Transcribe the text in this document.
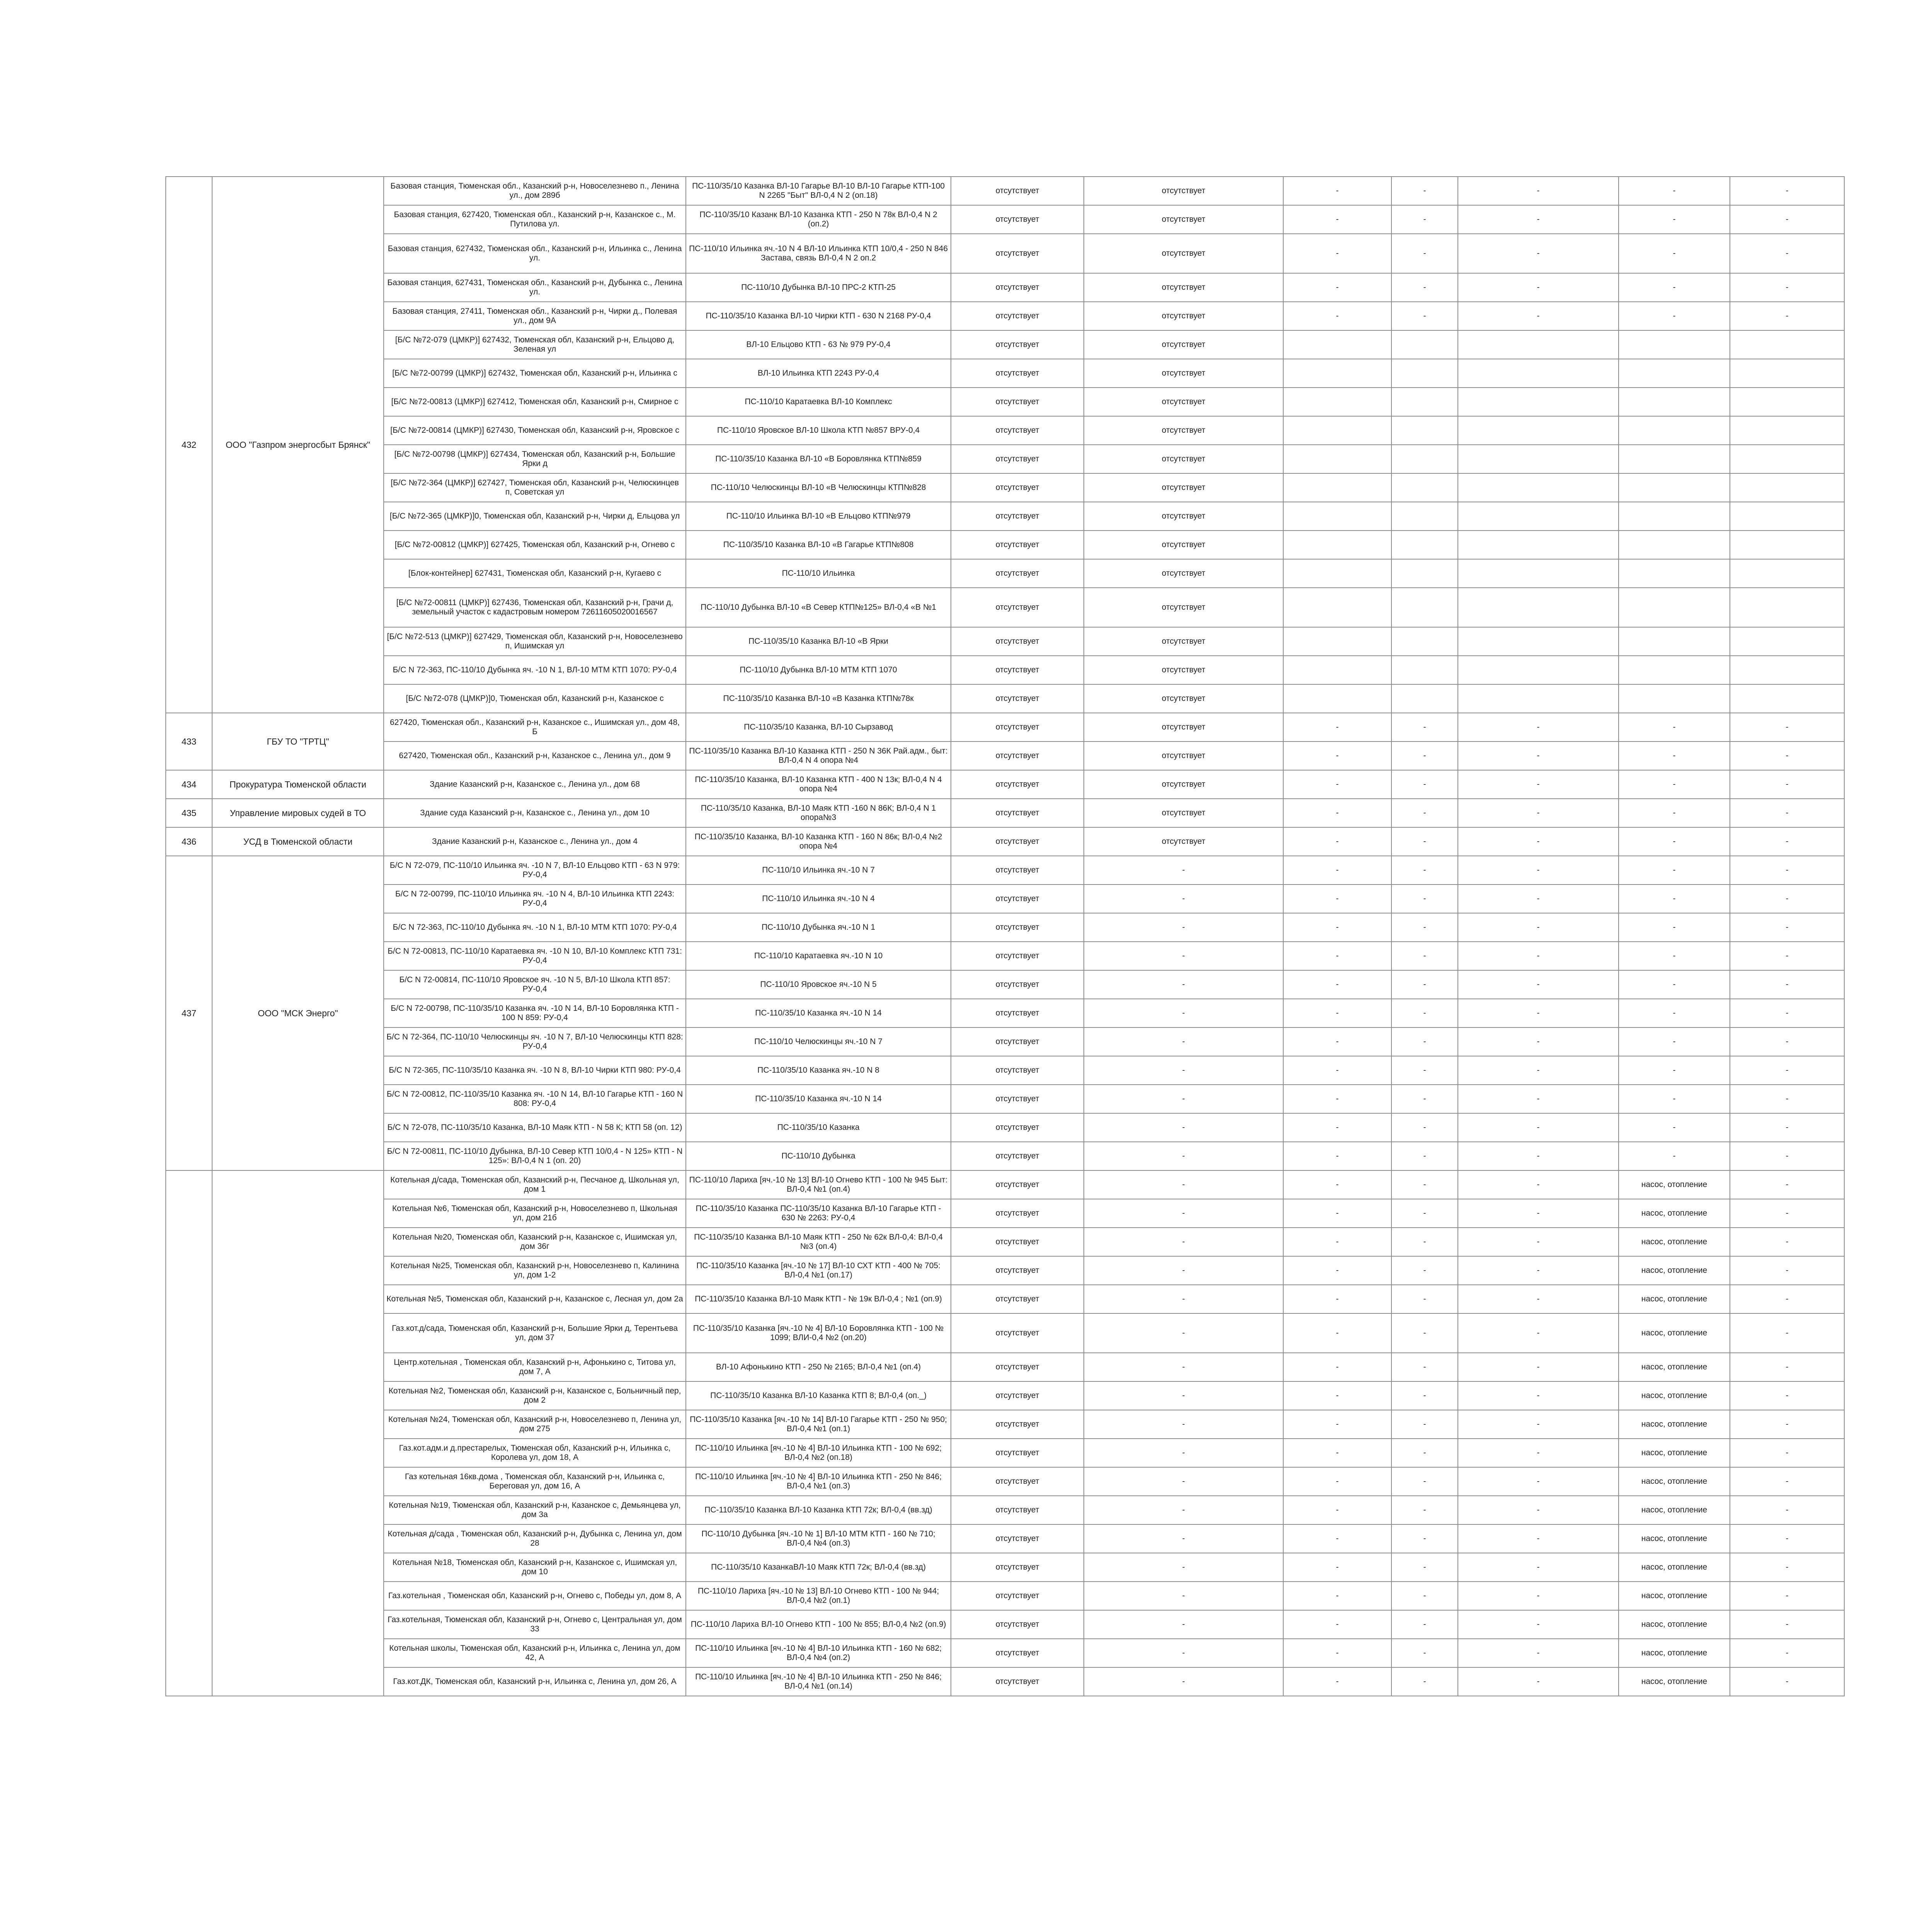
432	ООО "Газпром энергосбыт Брянск"	Базовая станция, Тюменская обл., Казанский р-н, Новоселезнево п., Ленина ул., дом 289б	ПС-110/35/10 Казанка ВЛ-10 Гагарье ВЛ-10 ВЛ-10 Гагарье КТП-100 N 2265 "Быт" ВЛ-0,4 N 2 (оп.18)	отсутствует	отсутствует	-	-	-	-	-
		Базовая станция, 627420, Тюменская обл., Казанский р-н, Казанское с., М. Путилова ул.	ПС-110/35/10 Казанк ВЛ-10 Казанка КТП - 250 N 78к ВЛ-0,4 N 2 (оп.2)	отсутствует	отсутствует	-	-	-	-	-
		Базовая станция, 627432, Тюменская обл., Казанский р-н, Ильинка с., Ленина ул.	ПС-110/10 Ильинка яч.-10 N 4 ВЛ-10 Ильинка КТП 10/0,4 - 250 N 846 Застава, связь ВЛ-0,4 N 2 оп.2	отсутствует	отсутствует	-	-	-	-	-
		Базовая станция, 627431, Тюменская обл., Казанский р-н, Дубынка с., Ленина ул.	ПС-110/10 Дубынка ВЛ-10 ПРС-2 КТП-25	отсутствует	отсутствует	-	-	-	-	-
		Базовая станция, 27411, Тюменская обл., Казанский р-н, Чирки д., Полевая ул., дом 9А	ПС-110/35/10 Казанка ВЛ-10 Чирки КТП - 630 N 2168 РУ-0,4	отсутствует	отсутствует	-	-	-	-	-
		[Б/С №72-079 (ЦМКР)] 627432, Тюменская обл, Казанский р-н, Ельцово д, Зеленая ул	ВЛ-10 Ельцово КТП - 63 № 979 РУ-0,4	отсутствует	отсутствует					
		[Б/С №72-00799 (ЦМКР)] 627432, Тюменская обл, Казанский р-н, Ильинка с	ВЛ-10 Ильинка КТП 2243 РУ-0,4	отсутствует	отсутствует					
		[Б/С №72-00813 (ЦМКР)] 627412, Тюменская обл, Казанский р-н, Смирное с	ПС-110/10 Каратаевка ВЛ-10 Комплекс	отсутствует	отсутствует					
		[Б/С №72-00814 (ЦМКР)] 627430, Тюменская обл, Казанский р-н, Яровское с	ПС-110/10 Яровское ВЛ-10 Школа КТП №857 ВРУ-0,4	отсутствует	отсутствует					
		[Б/С №72-00798 (ЦМКР)] 627434, Тюменская обл, Казанский р-н, Большие Ярки д	ПС-110/35/10 Казанка ВЛ-10 «В Боровлянка КТП№859	отсутствует	отсутствует					
		[Б/С №72-364 (ЦМКР)] 627427, Тюменская обл, Казанский р-н, Челюскинцев п, Советская ул	ПС-110/10 Челюскинцы ВЛ-10 «В Челюскинцы КТП№828	отсутствует	отсутствует					
		[Б/С №72-365 (ЦМКР)]0, Тюменская обл, Казанский р-н, Чирки д, Ельцова ул	ПС-110/10 Ильинка ВЛ-10 «В Ельцово КТП№979	отсутствует	отсутствует					
		[Б/С №72-00812 (ЦМКР)] 627425, Тюменская обл, Казанский р-н, Огнево с	ПС-110/35/10 Казанка ВЛ-10 «В Гагарье КТП№808	отсутствует	отсутствует					
		[Блок-контейнер] 627431, Тюменская обл, Казанский р-н, Кугаево с	ПС-110/10 Ильинка	отсутствует	отсутствует					
		[Б/С №72-00811 (ЦМКР)] 627436, Тюменская обл, Казанский р-н, Грачи д, земельный участок с кадастровым номером 72611605020016567	ПС-110/10 Дубынка ВЛ-10 «В Север КТП№125» ВЛ-0,4 «В №1	отсутствует	отсутствует					
		[Б/С №72-513 (ЦМКР)] 627429, Тюменская обл, Казанский р-н, Новоселезнево п, Ишимская ул	ПС-110/35/10 Казанка ВЛ-10 «В Ярки	отсутствует	отсутствует					
		Б/С N 72-363, ПС-110/10 Дубынка яч. -10 N 1, ВЛ-10 МТМ КТП 1070: РУ-0,4	ПС-110/10 Дубынка ВЛ-10 МТМ КТП 1070	отсутствует	отсутствует					
		[Б/С №72-078 (ЦМКР)]0, Тюменская обл, Казанский р-н, Казанское с	ПС-110/35/10 Казанка ВЛ-10 «В Казанка КТП№78к	отсутствует	отсутствует					
433	ГБУ ТО "ТРТЦ"	627420, Тюменская обл., Казанский р-н, Казанское с., Ишимская ул., дом 48, Б	ПС-110/35/10 Казанка, ВЛ-10 Сырзавод	отсутствует	отсутствует	-	-	-	-	-
		627420, Тюменская обл., Казанский р-н, Казанское с., Ленина ул., дом 9	ПС-110/35/10 Казанка ВЛ-10 Казанка КТП - 250 N 36К Рай.адм., быт: ВЛ-0,4 N 4 опора №4	отсутствует	отсутствует	-	-	-	-	-
434	Прокуратура Тюменской области	Здание Казанский р-н, Казанское с., Ленина ул., дом 68	ПС-110/35/10 Казанка, ВЛ-10 Казанка КТП - 400 N 13к; ВЛ-0,4 N 4 опора №4	отсутствует	отсутствует	-	-	-	-	-
435	Управление мировых судей в ТО	Здание суда Казанский р-н, Казанское с., Ленина ул., дом 10	ПС-110/35/10 Казанка, ВЛ-10 Маяк КТП -160 N 86К; ВЛ-0,4 N 1 опора№3	отсутствует	отсутствует	-	-	-	-	-
436	УСД в Тюменской области	Здание Казанский р-н, Казанское с., Ленина ул., дом 4	ПС-110/35/10 Казанка, ВЛ-10 Казанка КТП - 160 N 86к; ВЛ-0,4 №2 опора №4	отсутствует	отсутствует	-	-	-	-	-
437	ООО "МСК Энерго"	Б/С N 72-079, ПС-110/10 Ильинка яч. -10 N 7, ВЛ-10 Ельцово КТП - 63 N 979: РУ-0,4	ПС-110/10 Ильинка яч.-10 N 7	отсутствует	-	-	-	-	-	-
		Б/С N 72-00799, ПС-110/10 Ильинка яч. -10 N 4, ВЛ-10 Ильинка КТП 2243: РУ-0,4	ПС-110/10 Ильинка яч.-10 N 4	отсутствует	-	-	-	-	-	-
		Б/С N 72-363, ПС-110/10 Дубынка яч. -10 N 1, ВЛ-10 МТМ КТП 1070: РУ-0,4	ПС-110/10 Дубынка яч.-10 N 1	отсутствует	-	-	-	-	-	-
		Б/С N 72-00813, ПС-110/10 Каратаевка яч. -10 N 10, ВЛ-10 Комплекс КТП 731: РУ-0,4	ПС-110/10 Каратаевка яч.-10 N 10	отсутствует	-	-	-	-	-	-
		Б/С N 72-00814, ПС-110/10 Яровское яч. -10 N 5, ВЛ-10 Школа КТП 857: РУ-0,4	ПС-110/10 Яровское яч.-10 N 5	отсутствует	-	-	-	-	-	-
		Б/С N 72-00798, ПС-110/35/10 Казанка яч. -10 N 14, ВЛ-10 Боровлянка КТП - 100 N 859: РУ-0,4	ПС-110/35/10 Казанка яч.-10 N 14	отсутствует	-	-	-	-	-	-
		Б/С N 72-364, ПС-110/10 Челюскинцы яч. -10 N 7, ВЛ-10 Челюскинцы КТП 828: РУ-0,4	ПС-110/10 Челюскинцы яч.-10 N 7	отсутствует	-	-	-	-	-	-
		Б/С N 72-365, ПС-110/35/10 Казанка яч. -10 N 8, ВЛ-10 Чирки КТП 980: РУ-0,4	ПС-110/35/10 Казанка яч.-10 N 8	отсутствует	-	-	-	-	-	-
		Б/С N 72-00812, ПС-110/35/10 Казанка яч. -10 N 14, ВЛ-10 Гагарье КТП - 160 N 808: РУ-0,4	ПС-110/35/10 Казанка яч.-10 N 14	отсутствует	-	-	-	-	-	-
		Б/С N 72-078, ПС-110/35/10 Казанка, ВЛ-10 Маяк КТП - N 58 К; КТП 58 (оп. 12)	ПС-110/35/10 Казанка	отсутствует	-	-	-	-	-	-
		Б/С N 72-00811, ПС-110/10 Дубынка, ВЛ-10 Север КТП 10/0,4 - N 125» КТП - N 125»: ВЛ-0,4 N 1 (оп. 20)	ПС-110/10 Дубынка	отсутствует	-	-	-	-	-	-
		Котельная д/сада, Тюменская обл, Казанский р-н, Песчаное д, Школьная ул, дом 1	ПС-110/10 Лариха [яч.-10 № 13] ВЛ-10 Огнево КТП - 100 № 945 Быт: ВЛ-0,4 №1 (оп.4)	отсутствует	-	-	-	-	насос, отопление	-
		Котельная №6, Тюменская обл, Казанский р-н, Новоселезнево п, Школьная ул, дом 21б	ПС-110/35/10 Казанка ПС-110/35/10 Казанка ВЛ-10 Гагарье КТП - 630 № 2263: РУ-0,4	отсутствует	-	-	-	-	насос, отопление	-
		Котельная №20, Тюменская обл, Казанский р-н, Казанское с, Ишимская ул, дом 36г	ПС-110/35/10 Казанка ВЛ-10 Маяк КТП - 250 № 62к ВЛ-0,4: ВЛ-0,4 №3 (оп.4)	отсутствует	-	-	-	-	насос, отопление	-
		Котельная №25, Тюменская обл, Казанский р-н, Новоселезнево п, Калинина ул, дом 1-2	ПС-110/35/10 Казанка [яч.-10 № 17] ВЛ-10 СХТ КТП - 400 № 705: ВЛ-0,4 №1 (оп.17)	отсутствует	-	-	-	-	насос, отопление	-
		Котельная №5, Тюменская обл, Казанский р-н, Казанское с, Лесная ул, дом 2а	ПС-110/35/10 Казанка ВЛ-10 Маяк КТП - № 19к ВЛ-0,4 ; №1 (оп.9)	отсутствует	-	-	-	-	насос, отопление	-
		Газ.кот.д/сада, Тюменская обл, Казанский р-н, Большие Ярки д, Терентьева ул, дом 37	ПС-110/35/10 Казанка [яч.-10 № 4] ВЛ-10 Боровлянка КТП - 100 № 1099; ВЛИ-0,4 №2 (оп.20)	отсутствует	-	-	-	-	насос, отопление	-
		Центр.котельная , Тюменская обл, Казанский р-н, Афонькино с, Титова ул, дом 7, А	ВЛ-10 Афонькино КТП - 250 № 2165; ВЛ-0,4 №1 (оп.4)	отсутствует	-	-	-	-	насос, отопление	-
		Котельная №2, Тюменская обл, Казанский р-н, Казанское с, Больничный пер, дом 2	ПС-110/35/10 Казанка ВЛ-10 Казанка КТП 8; ВЛ-0,4 (оп._)	отсутствует	-	-	-	-	насос, отопление	-
		Котельная №24, Тюменская обл, Казанский р-н, Новоселезнево п, Ленина ул, дом 275	ПС-110/35/10 Казанка [яч.-10 № 14] ВЛ-10 Гагарье КТП - 250 № 950; ВЛ-0,4 №1 (оп.1)	отсутствует	-	-	-	-	насос, отопление	-
		Газ.кот.адм.и д.престарелых, Тюменская обл, Казанский р-н, Ильинка с, Королева ул, дом 18, А	ПС-110/10 Ильинка [яч.-10 № 4] ВЛ-10 Ильинка КТП - 100 № 692; ВЛ-0,4 №2 (оп.18)	отсутствует	-	-	-	-	насос, отопление	-
		Газ котельная 16кв.дома , Тюменская обл, Казанский р-н, Ильинка с, Береговая ул, дом 16, А	ПС-110/10 Ильинка [яч.-10 № 4] ВЛ-10 Ильинка КТП - 250 № 846; ВЛ-0,4 №1 (оп.3)	отсутствует	-	-	-	-	насос, отопление	-
		Котельная №19, Тюменская обл, Казанский р-н, Казанское с, Демьянцева ул, дом 3а	ПС-110/35/10 Казанка ВЛ-10 Казанка КТП 72к; ВЛ-0,4 (вв.зд)	отсутствует	-	-	-	-	насос, отопление	-
		Котельная д/сада , Тюменская обл, Казанский р-н, Дубынка с, Ленина ул, дом 28	ПС-110/10 Дубынка [яч.-10 № 1] ВЛ-10 МТМ КТП - 160 № 710; ВЛ-0,4 №4 (оп.3)	отсутствует	-	-	-	-	насос, отопление	-
		Котельная №18, Тюменская обл, Казанский р-н, Казанское с, Ишимская ул, дом 10	ПС-110/35/10 КазанкаВЛ-10 Маяк КТП 72к; ВЛ-0,4 (вв.зд)	отсутствует	-	-	-	-	насос, отопление	-
		Газ.котельная , Тюменская обл, Казанский р-н, Огнево с, Победы ул, дом 8, А	ПС-110/10 Лариха [яч.-10 № 13] ВЛ-10 Огнево КТП - 100 № 944; ВЛ-0,4 №2 (оп.1)	отсутствует	-	-	-	-	насос, отопление	-
		Газ.котельная, Тюменская обл, Казанский р-н, Огнево с, Центральная ул, дом 33	ПС-110/10 Лариха ВЛ-10 Огнево КТП - 100 № 855; ВЛ-0,4 №2 (оп.9)	отсутствует	-	-	-	-	насос, отопление	-
		Котельная школы, Тюменская обл, Казанский р-н, Ильинка с, Ленина ул, дом 42, А	ПС-110/10 Ильинка [яч.-10 № 4] ВЛ-10 Ильинка КТП - 160 № 682; ВЛ-0,4 №4 (оп.2)	отсутствует	-	-	-	-	насос, отопление	-
		Газ.кот.ДК, Тюменская обл, Казанский р-н, Ильинка с, Ленина ул, дом 26, А	ПС-110/10 Ильинка [яч.-10 № 4] ВЛ-10 Ильинка КТП - 250 № 846; ВЛ-0,4 №1 (оп.14)	отсутствует	-	-	-	-	насос, отопление	-
